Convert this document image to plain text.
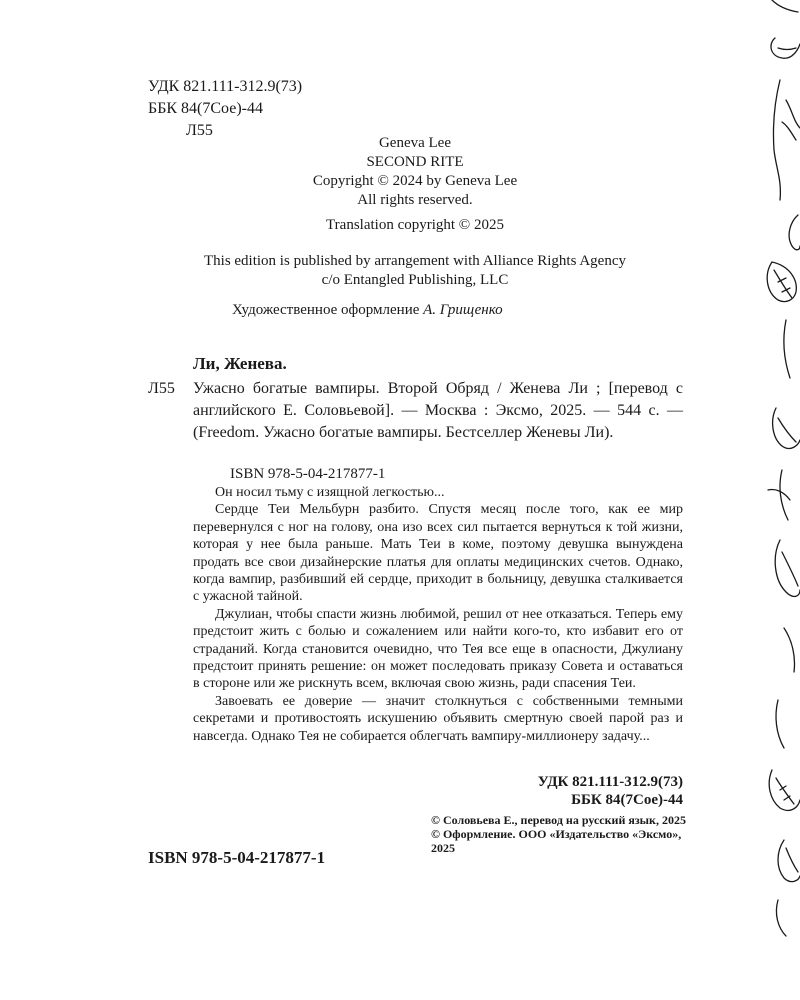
УДК 821.111-312.9(73)
ББК 84(7Сое)-44
Л55
Geneva Lee
SECOND RITE
Copyright © 2024 by Geneva Lee
All rights reserved.
Translation copyright © 2025
This edition is published by arrangement with Alliance Rights Agency
c/o Entangled Publishing, LLC
Художественное оформление А. Грищенко
Ли, Женева.
Л55 Ужасно богатые вампиры. Второй Обряд / Женева Ли ; [перевод с английского Е. Соловьевой]. — Москва : Эксмо, 2025. — 544 с. — (Freedom. Ужасно богатые вампиры. Бестселлер Женевы Ли).
ISBN 978-5-04-217877-1

Он носил тьму с изящной легкостью...

Сердце Теи Мельбурн разбито. Спустя месяц после того, как ее мир перевернулся с ног на голову, она изо всех сил пытается вернуться к той жизни, которая у нее была раньше. Мать Теи в коме, поэтому девушка вынуждена продать все свои дизайнерские платья для оплаты медицинских счетов. Однако, когда вампир, разбивший ей сердце, приходит в больницу, девушка сталкивается с ужасной тайной.

Джулиан, чтобы спасти жизнь любимой, решил от нее отказаться. Теперь ему предстоит жить с болью и сожалением или найти кого-то, кто избавит его от страданий. Когда становится очевидно, что Тея все еще в опасности, Джулиану предстоит принять решение: он может последовать приказу Совета и оставаться в стороне или же рискнуть всем, включая свою жизнь, ради спасения Теи.

Завоевать ее доверие — значит столкнуться с собственными темными секретами и противостоять искушению объявить смертную своей парой раз и навсегда. Однако Тея не собирается облегчать вампиру-миллионеру задачу...

УДК 821.111-312.9(73)
ББК 84(7Сое)-44

© Соловьева Е., перевод на русский язык, 2025

© Оформление. ООО «Издательство «Эксмо», 2025

ISBN 978-5-04-217877-1
